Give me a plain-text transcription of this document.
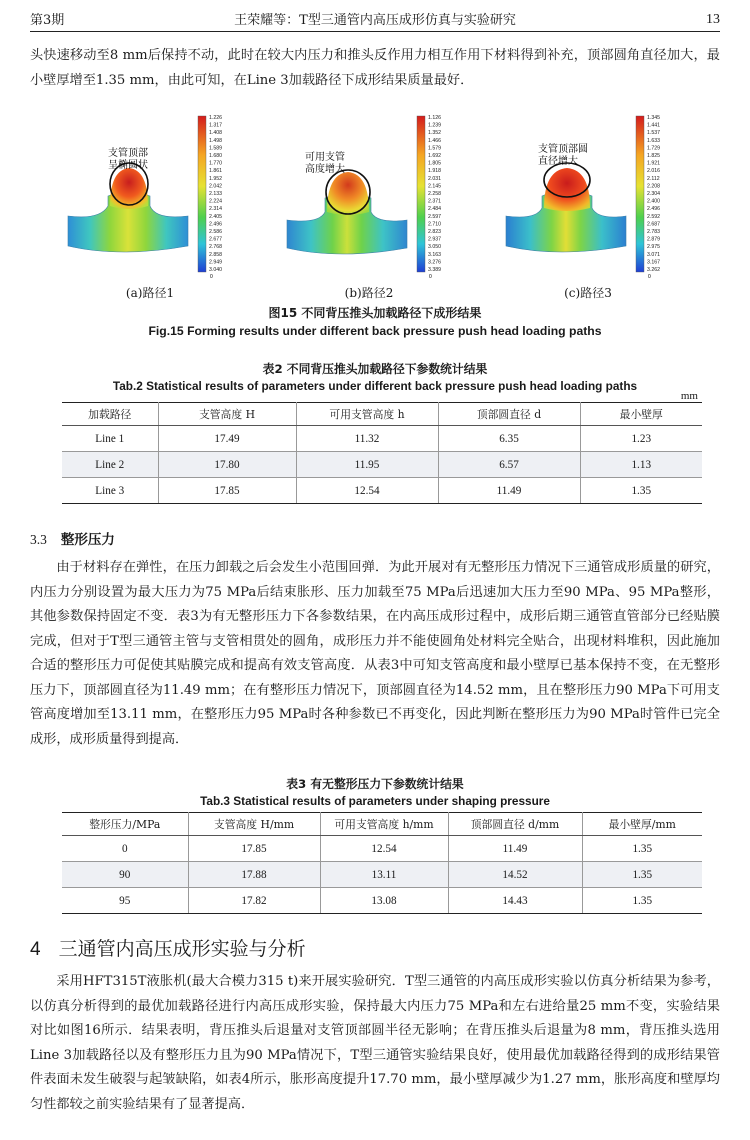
第3期	王荣耀等：T型三通管内高压成形仿真与实验研究	13

头快速移动至8 mm后保持不动，此时在较大内压力和推头反作用力相互作用下材料得到补充，顶部圆角直径加大，最小壁厚增至1.35 mm，由此可知，在Line 3加载路径下成形结果质量最好．

0
1.226
1.317
1.408
1.498
1.589
1.680
1.770
1.861
1.952
2.042
2.133
2.224
2.314
2.405
2.496
2.586
2.677
2.768
2.858
2.949
3.040
支管顶部
呈椭圆状
(a)路径1
0
1.126
1.239
1.352
1.466
1.579
1.692
1.805
1.918
2.031
2.145
2.258
2.371
2.484
2.597
2.710
2.823
2.937
3.050
3.163
3.276
3.389
可用支管
高度增大
(b)路径2
0
1.345
1.441
1.537
1.633
1.729
1.825
1.921
2.016
2.112
2.208
2.304
2.400
2.496
2.592
2.687
2.783
2.879
2.975
3.071
3.167
3.262
支管顶部圆
直径增大
(c)路径3
图15 不同背压推头加载路径下成形结果
Fig.15 Forming results under different back pressure push head loading paths
表2 不同背压推头加载路径下参数统计结果
Tab.2 Statistical results of parameters under different back pressure push head loading paths
mm
加载路径	支管高度 H	可用支管高度 h	顶部圆直径 d	最小壁厚
Line 1	17.49	11.32	6.35	1.23
Line 2	17.80	11.95	6.57	1.13
Line 3	17.85	12.54	11.49	1.35
3.3 整形压力

由于材料存在弹性，在压力卸载之后会发生小范围回弹．为此开展对有无整形压力情况下三通管成形质量的研究，内压力分别设置为最大压力为75 MPa后结束胀形、压力加载至75 MPa后迅速加大压力至90 MPa、95 MPa整形，其他参数保持固定不变．表3为有无整形压力下各参数结果，在内高压成形过程中，成形后期三通管直管部分已经贴膜完成，但对于T型三通管主管与支管相贯处的圆角，成形压力并不能使圆角处材料完全贴合，出现材料堆积，因此施加合适的整形压力可促使其贴膜完成和提高有效支管高度．从表3中可知支管高度和最小壁厚已基本保持不变，在无整形压力下，顶部圆直径为11.49 mm；在有整形压力情况下，顶部圆直径为14.52 mm，且在整形压力90 MPa下可用支管高度增加至13.11 mm，在整形压力95 MPa时各种参数已不再变化，因此判断在整形压力为90 MPa时管件已完全成形，成形质量得到提高．

表3 有无整形压力下参数统计结果
Tab.3 Statistical results of parameters under shaping pressure
整形压力/MPa	支管高度 H/mm	可用支管高度 h/mm	顶部圆直径 d/mm	最小壁厚/mm
0	17.85	12.54	11.49	1.35
90	17.88	13.11	14.52	1.35
95	17.82	13.08	14.43	1.35
4 三通管内高压成形实验与分析

采用HFT315T液胀机(最大合模力315 t)来开展实验研究．T型三通管的内高压成形实验以仿真分析结果为参考，以仿真分析得到的最优加载路径进行内高压成形实验，保持最大内压力75 MPa和左右进给量25 mm不变，实验结果对比如图16所示．结果表明，背压推头后退量对支管顶部圆半径无影响；在背压推头后退量为8 mm，背压推头选用Line 3加载路径以及有整形压力且为90 MPa情况下，T型三通管实验结果良好，使用最优加载路径得到的成形结果管件表面未发生破裂与起皱缺陷，如表4所示，胀形高度提升17.70 mm，最小壁厚减少为1.27 mm，胀形高度和壁厚均匀性都较之前实验结果有了显著提高．
